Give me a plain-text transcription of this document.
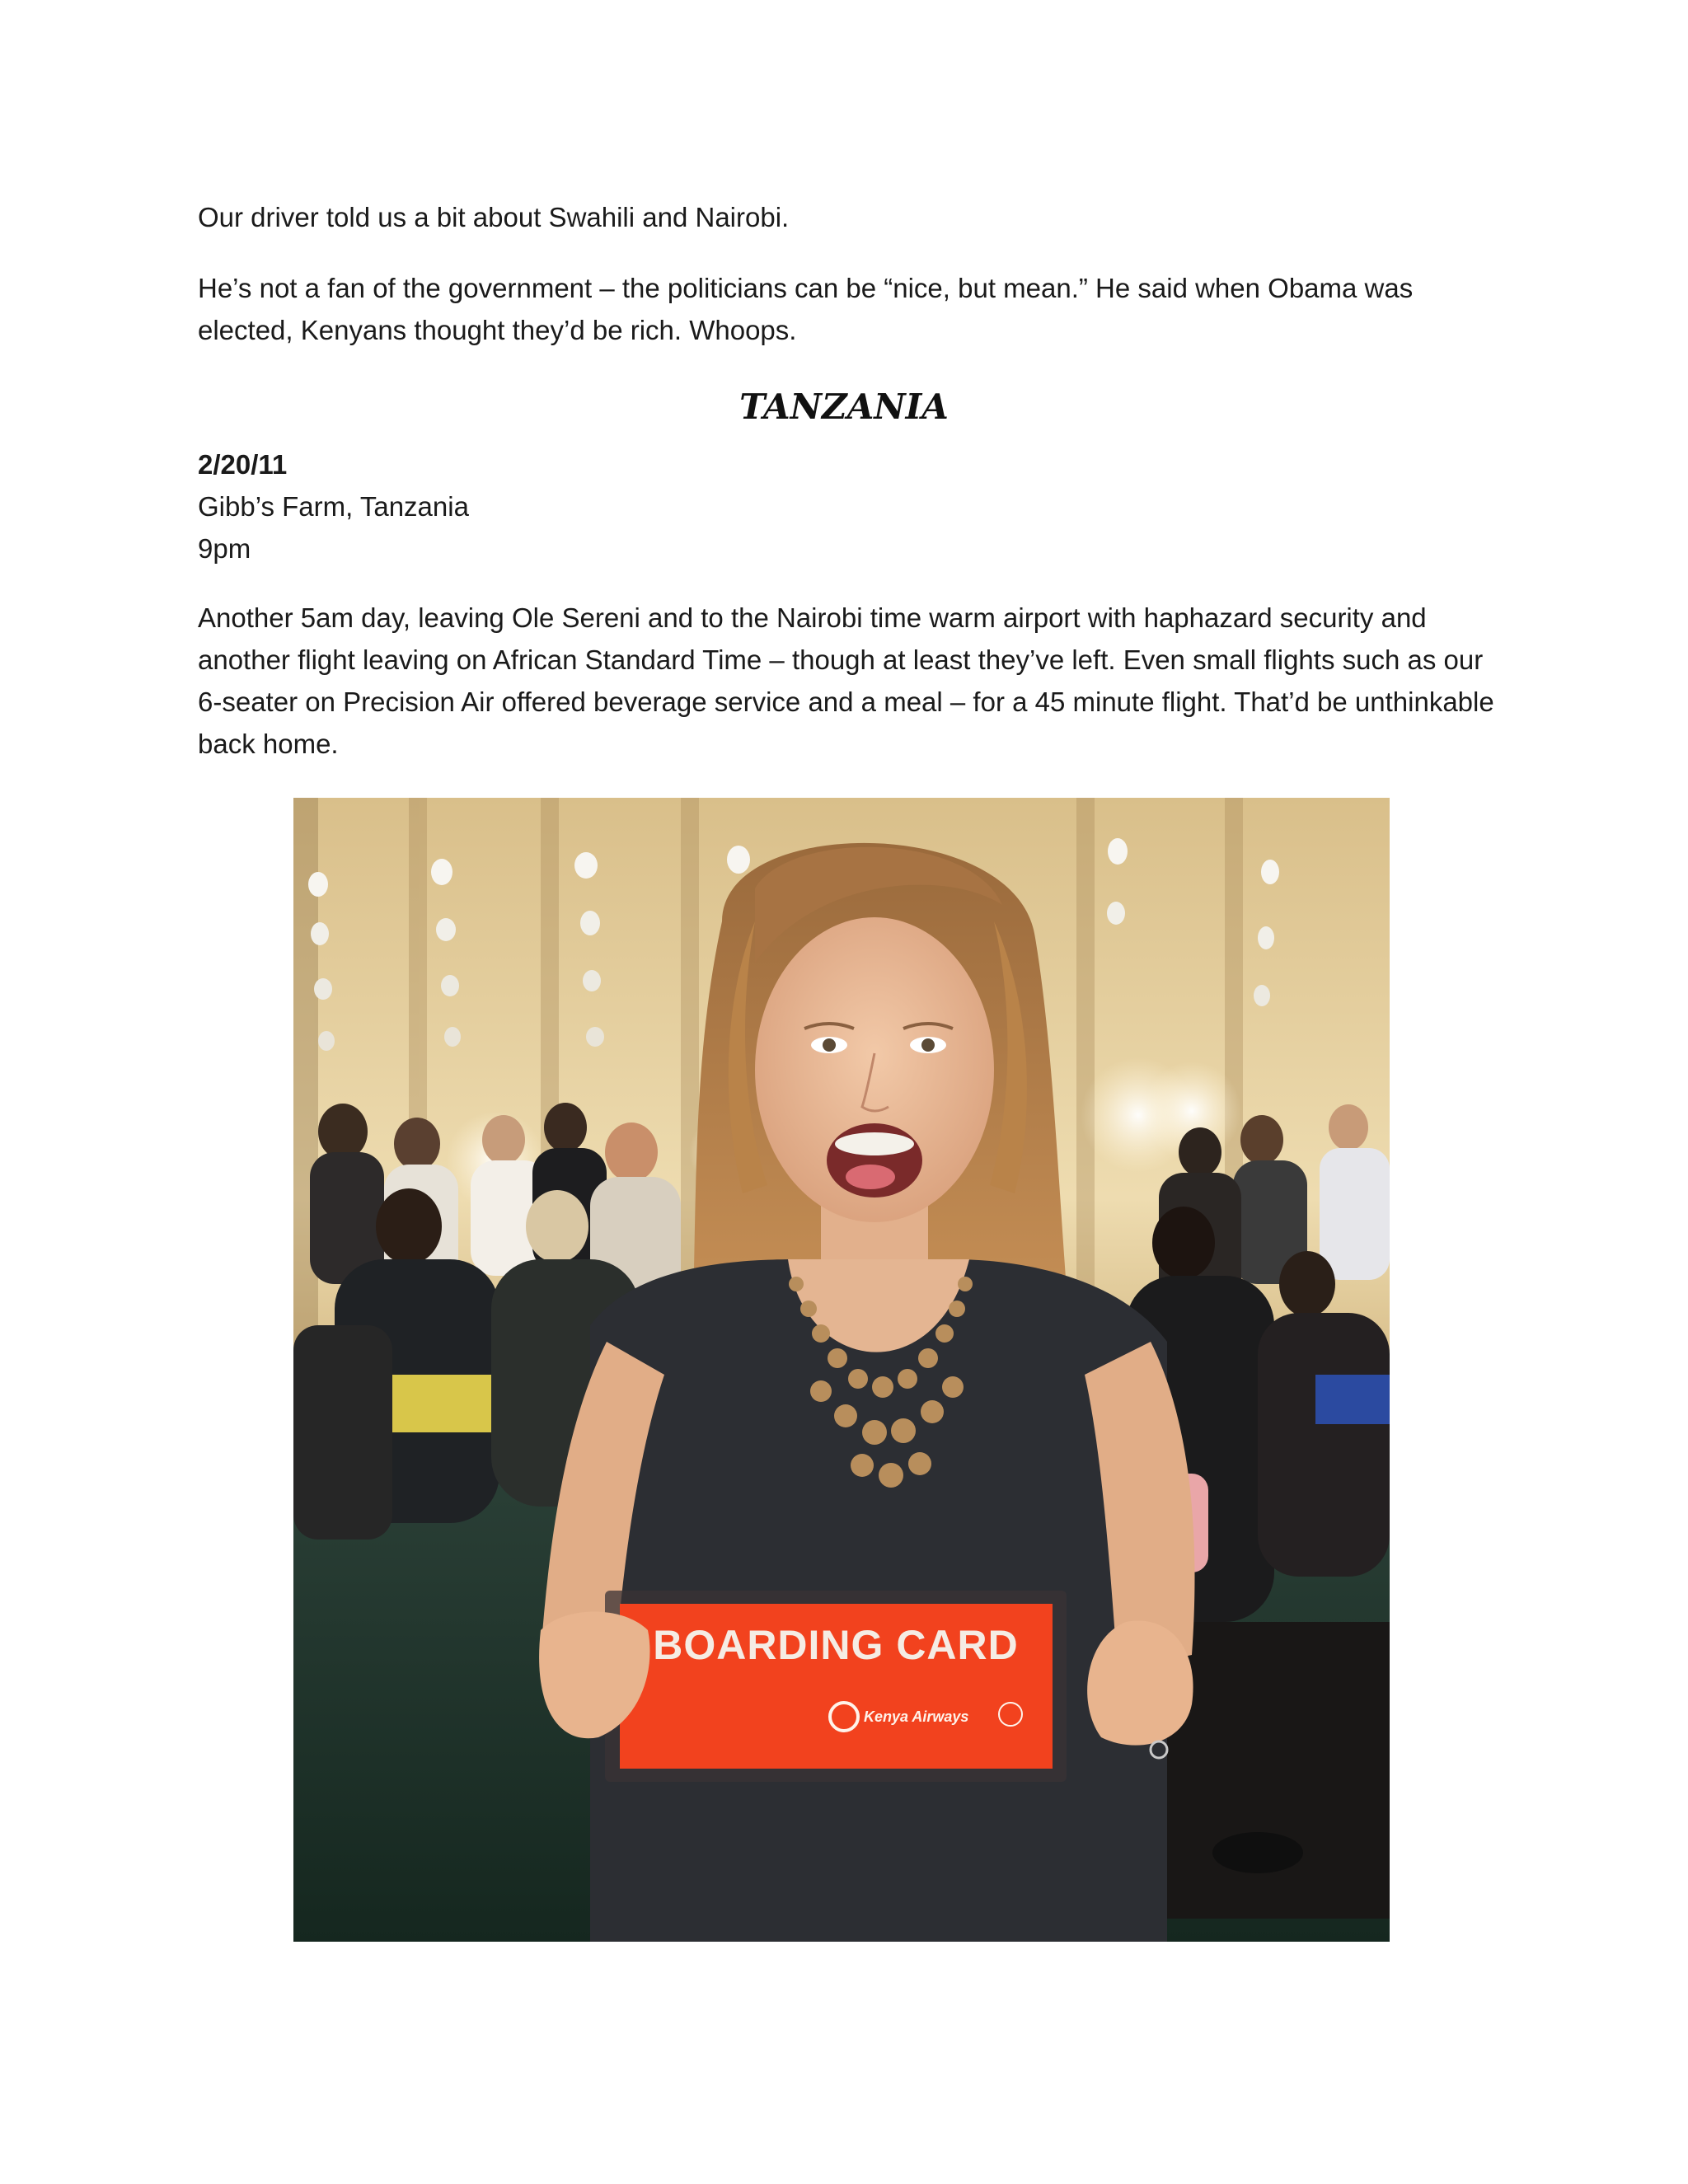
Our driver told us a bit about Swahili and Nairobi.
He’s not a fan of the government – the politicians can be “nice, but mean.” He said when Obama was elected, Kenyans thought they’d be rich. Whoops.
TANZANIA
2/20/11
Gibb’s Farm, Tanzania
9pm
Another 5am day, leaving Ole Sereni and to the Nairobi time warm airport with haphazard security and another flight leaving on African Standard Time – though at least they’ve left. Even small flights such as our 6-seater on Precision Air offered beverage service and a meal – for a 45 minute flight. That’d be unthinkable back home.
BOARDING CARD
Kenya Airways
